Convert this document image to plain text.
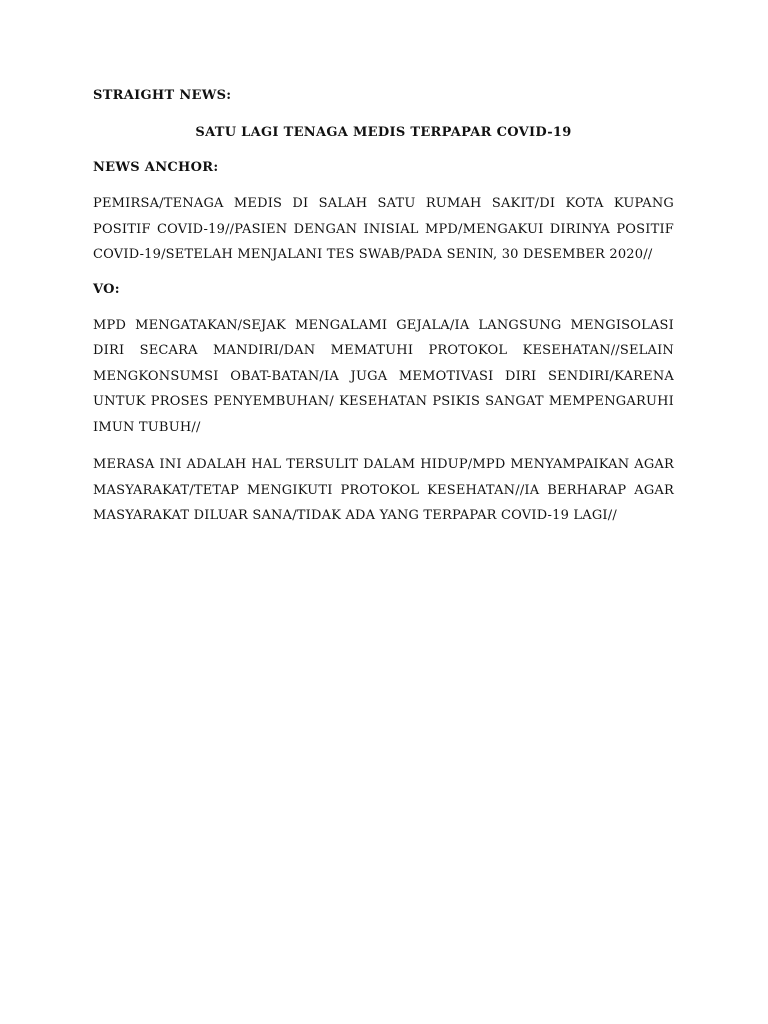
STRAIGHT NEWS:

SATU LAGI TENAGA MEDIS TERPAPAR COVID-19

NEWS ANCHOR:

PEMIRSA/TENAGA MEDIS DI SALAH SATU RUMAH SAKIT/DI KOTA KUPANG POSITIF COVID-19//PASIEN DENGAN INISIAL MPD/MENGAKUI DIRINYA POSITIF COVID-19/SETELAH MENJALANI TES SWAB/PADA SENIN, 30 DESEMBER 2020//

VO:

MPD MENGATAKAN/SEJAK MENGALAMI GEJALA/IA LANGSUNG MENGISOLASI DIRI SECARA MANDIRI/DAN MEMATUHI PROTOKOL KESEHATAN//SELAIN MENGKONSUMSI OBAT-BATAN/IA JUGA MEMOTIVASI DIRI SENDIRI/KARENA UNTUK PROSES PENYEMBUHAN/ KESEHATAN PSIKIS SANGAT MEMPENGARUHI IMUN TUBUH//

MERASA INI ADALAH HAL TERSULIT DALAM HIDUP/MPD MENYAMPAIKAN AGAR MASYARAKAT/TETAP MENGIKUTI PROTOKOL KESEHATAN//IA BERHARAP AGAR MASYARAKAT DILUAR SANA/TIDAK ADA YANG TERPAPAR COVID-19 LAGI//
